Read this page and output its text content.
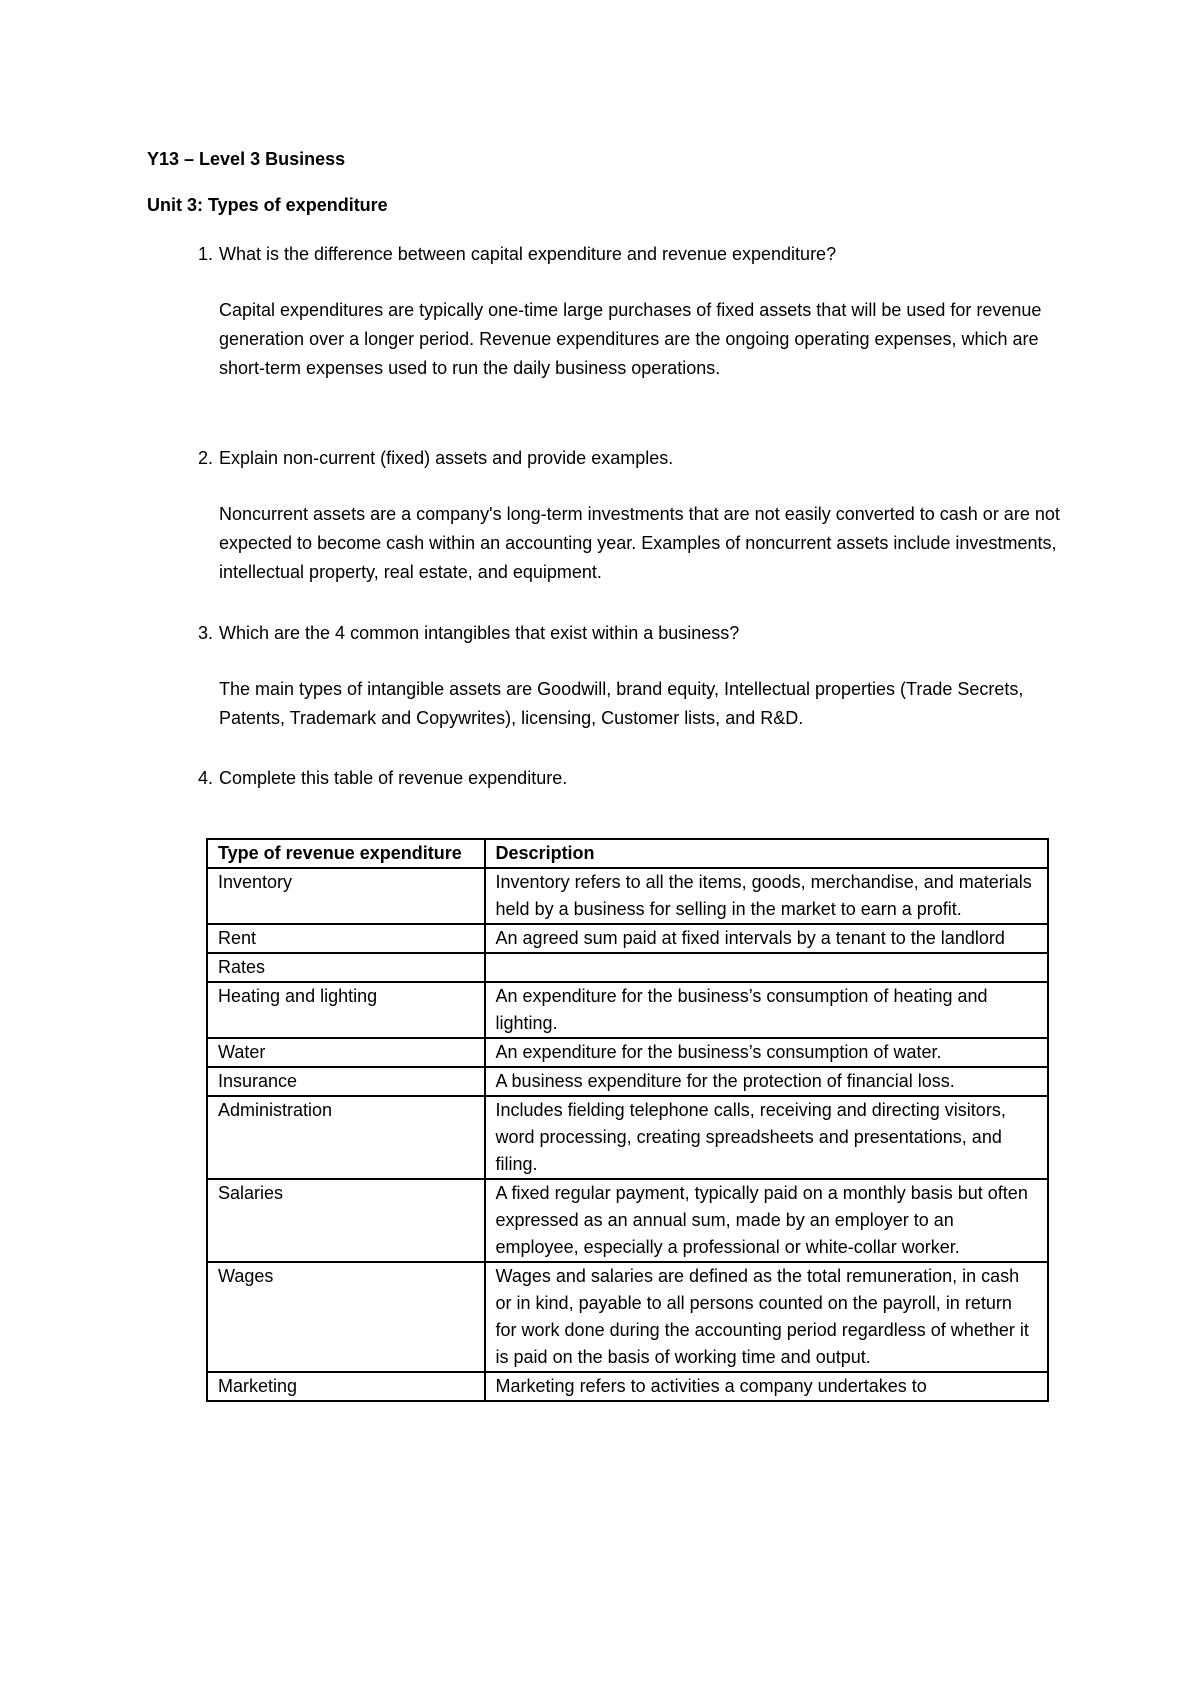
Y13 – Level 3 Business
Unit 3: Types of expenditure
1. What is the difference between capital expenditure and revenue expenditure?
Capital expenditures are typically one-time large purchases of fixed assets that will be used for revenue generation over a longer period. Revenue expenditures are the ongoing operating expenses, which are short-term expenses used to run the daily business operations.
2. Explain non-current (fixed) assets and provide examples.
Noncurrent assets are a company's long-term investments that are not easily converted to cash or are not expected to become cash within an accounting year. Examples of noncurrent assets include investments, intellectual property, real estate, and equipment.
3. Which are the 4 common intangibles that exist within a business?
The main types of intangible assets are Goodwill, brand equity, Intellectual properties (Trade Secrets, Patents, Trademark and Copywrites), licensing, Customer lists, and R&D.
4. Complete this table of revenue expenditure.
Type of revenue expenditure	Description
Inventory	Inventory refers to all the items, goods, merchandise, and materials held by a business for selling in the market to earn a profit.
Rent	An agreed sum paid at fixed intervals by a tenant to the landlord
Rates	
Heating and lighting	An expenditure for the business’s consumption of heating and lighting.
Water	An expenditure for the business’s consumption of water.
Insurance	A business expenditure for the protection of financial loss.
Administration	Includes fielding telephone calls, receiving and directing visitors, word processing, creating spreadsheets and presentations, and filing.
Salaries	A fixed regular payment, typically paid on a monthly basis but often expressed as an annual sum, made by an employer to an employee, especially a professional or white-collar worker.
Wages	Wages and salaries are defined as the total remuneration, in cash or in kind, payable to all persons counted on the payroll, in return for work done during the accounting period regardless of whether it is paid on the basis of working time and output.
Marketing	Marketing refers to activities a company undertakes to
